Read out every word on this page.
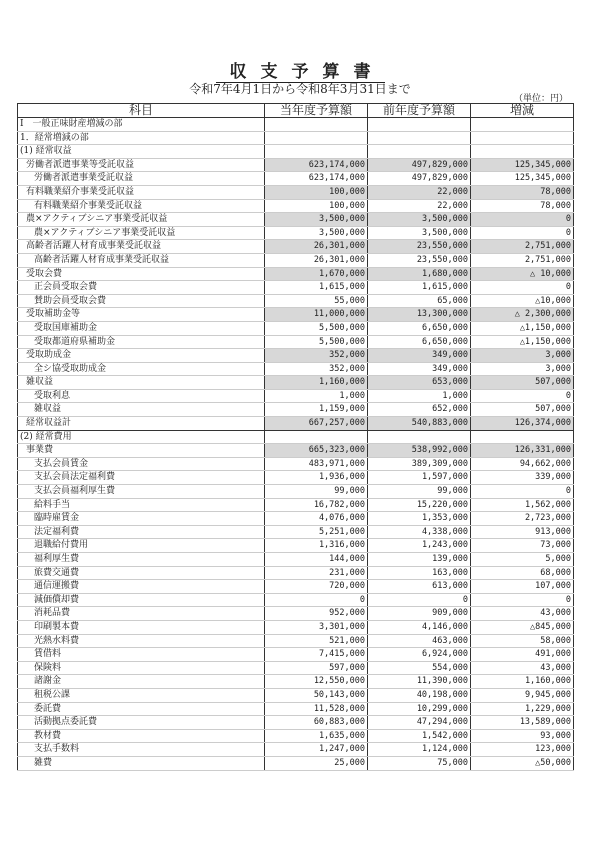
収支予算書
令和7年4月1日から令和8年3月31日まで
（単位：円）
科目	当年度予算額	前年度予算額	増減
Ⅰ　一般正味財産増減の部			
1．経常増減の部			
(1) 経常収益			
労働者派遣事業等受託収益	623,174,000	497,829,000	125,345,000
労働者派遣事業受託収益	623,174,000	497,829,000	125,345,000
有料職業紹介事業受託収益	100,000	22,000	78,000
有料職業紹介事業受託収益	100,000	22,000	78,000
農×アクティブシニア事業受託収益	3,500,000	3,500,000	0
農×アクティブシニア事業受託収益	3,500,000	3,500,000	0
高齢者活躍人材育成事業受託収益	26,301,000	23,550,000	2,751,000
高齢者活躍人材育成事業受託収益	26,301,000	23,550,000	2,751,000
受取会費	1,670,000	1,680,000	△ 10,000
正会員受取会費	1,615,000	1,615,000	0
賛助会員受取会費	55,000	65,000	△10,000
受取補助金等	11,000,000	13,300,000	△ 2,300,000
受取国庫補助金	5,500,000	6,650,000	△1,150,000
受取都道府県補助金	5,500,000	6,650,000	△1,150,000
受取助成金	352,000	349,000	3,000
全シ協受取助成金	352,000	349,000	3,000
雑収益	1,160,000	653,000	507,000
受取利息	1,000	1,000	0
雑収益	1,159,000	652,000	507,000
経常収益計	667,257,000	540,883,000	126,374,000
(2) 経常費用			
事業費	665,323,000	538,992,000	126,331,000
支払会員賃金	483,971,000	389,309,000	94,662,000
支払会員法定福利費	1,936,000	1,597,000	339,000
支払会員福利厚生費	99,000	99,000	0
給料手当	16,782,000	15,220,000	1,562,000
臨時雇賃金	4,076,000	1,353,000	2,723,000
法定福利費	5,251,000	4,338,000	913,000
退職給付費用	1,316,000	1,243,000	73,000
福利厚生費	144,000	139,000	5,000
旅費交通費	231,000	163,000	68,000
通信運搬費	720,000	613,000	107,000
減価償却費	0	0	0
消耗品費	952,000	909,000	43,000
印刷製本費	3,301,000	4,146,000	△845,000
光熱水料費	521,000	463,000	58,000
賃借料	7,415,000	6,924,000	491,000
保険料	597,000	554,000	43,000
諸謝金	12,550,000	11,390,000	1,160,000
租税公課	50,143,000	40,198,000	9,945,000
委託費	11,528,000	10,299,000	1,229,000
活動拠点委託費	60,883,000	47,294,000	13,589,000
教材費	1,635,000	1,542,000	93,000
支払手数料	1,247,000	1,124,000	123,000
雑費	25,000	75,000	△50,000
